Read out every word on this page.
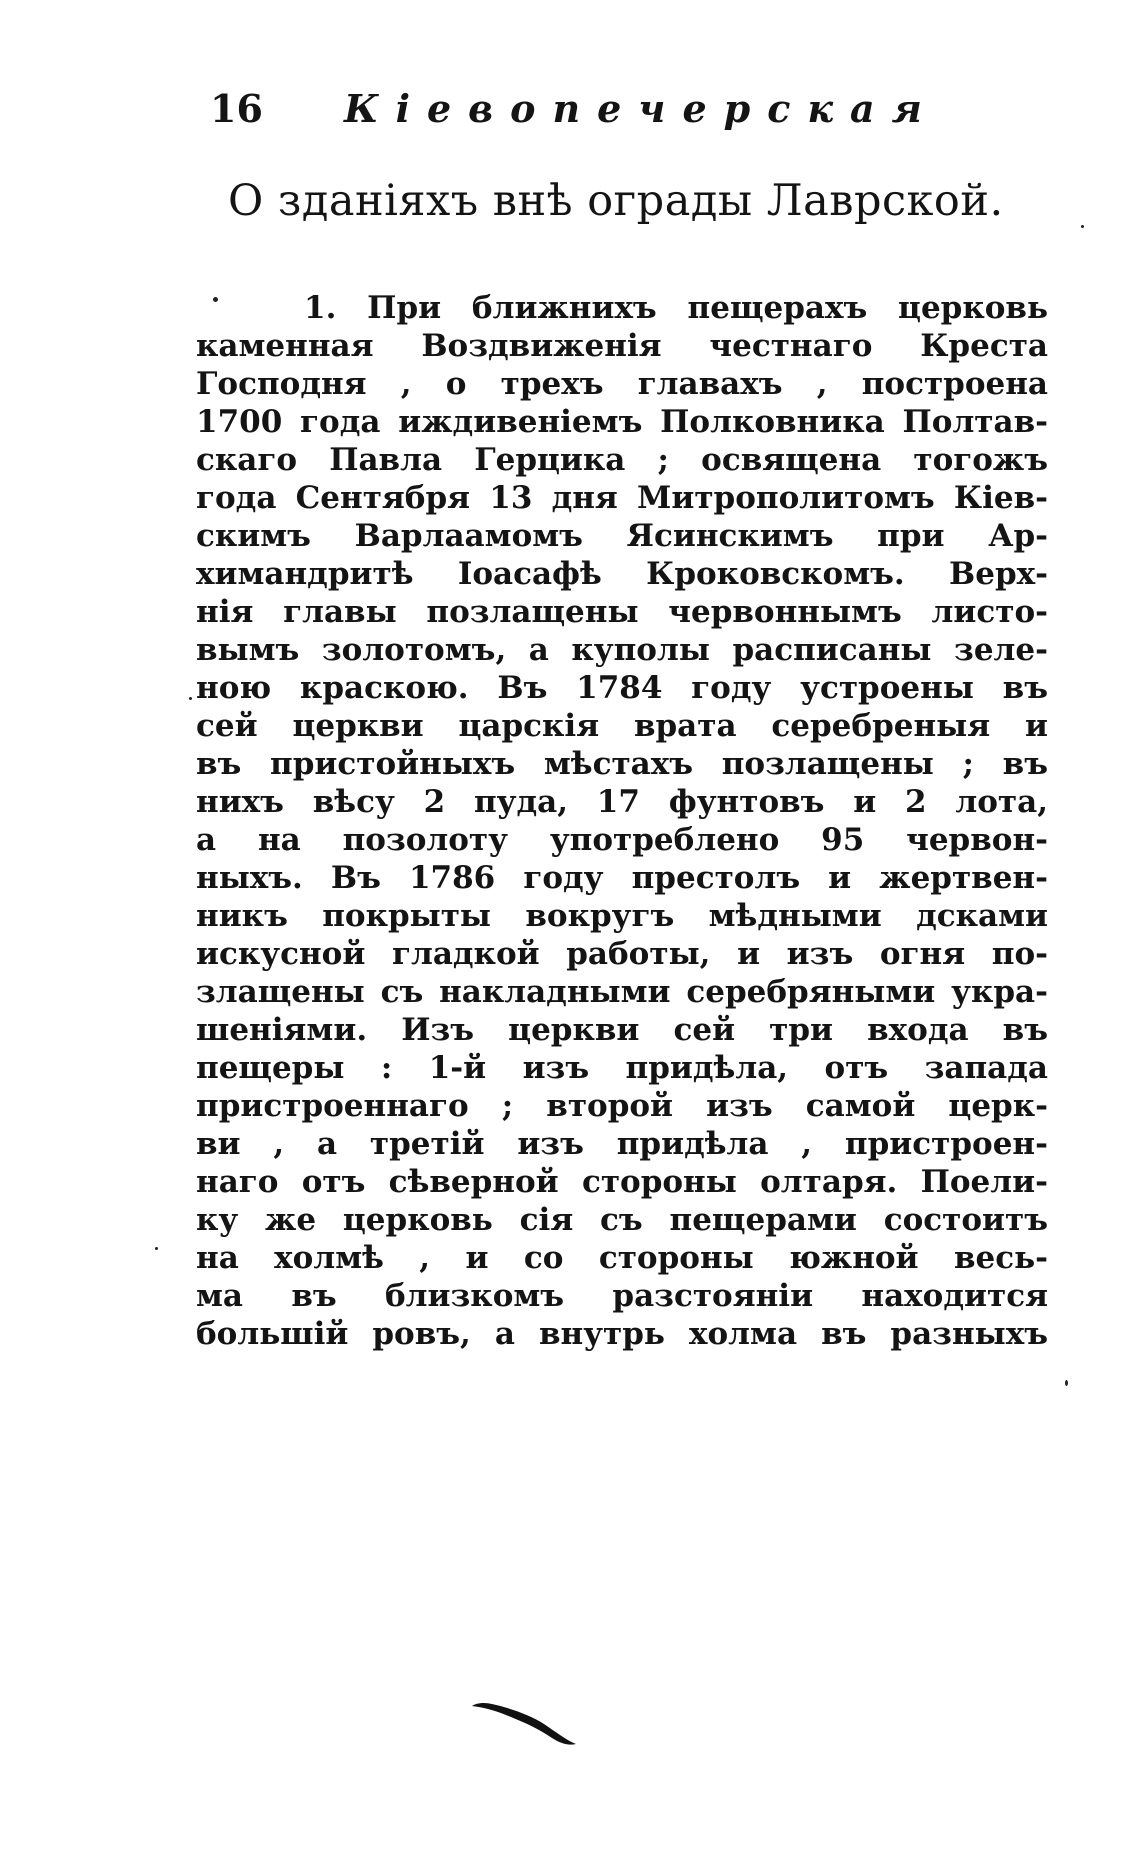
16 Кіевопечерская
О зданіяхъ внѣ ограды Лаврской.
1. При ближнихъ пещерахъ церковь
каменная Воздвиженія честнаго Креста
Господня , о трехъ главахъ , построена
1700 года иждивеніемъ Полковника Полтав-
скаго Павла Герцика ; освящена тогожъ
года Сентября 13 дня Митрополитомъ Кіев-
скимъ Варлаамомъ Ясинскимъ при Ар-
химандритѣ Іоасафѣ Кроковскомъ. Верх-
нія главы позлащены червоннымъ листо-
вымъ золотомъ, а куполы расписаны зеле-
ною краскою. Въ 1784 году устроены въ
сей церкви царскія врата серебреныя и
въ пристойныхъ мѣстахъ позлащены ; въ
нихъ вѣсу 2 пуда, 17 фунтовъ и 2 лота,
а на позолоту употреблено 95 червон-
ныхъ. Въ 1786 году престолъ и жертвен-
никъ покрыты вокругъ мѣдными дсками
искусной гладкой работы, и изъ огня по-
злащены съ накладными серебряными укра-
шеніями. Изъ церкви сей три входа въ
пещеры : 1-й изъ придѣла, отъ запада
пристроеннаго ; второй изъ самой церк-
ви , а третій изъ придѣла , пристроен-
наго отъ сѣверной стороны олтаря. Поели-
ку же церковь сія съ пещерами состоитъ
на холмѣ , и со стороны южной весь-
ма въ близкомъ разстояніи находится
большій ровъ, а внутрь холма въ разныхъ
